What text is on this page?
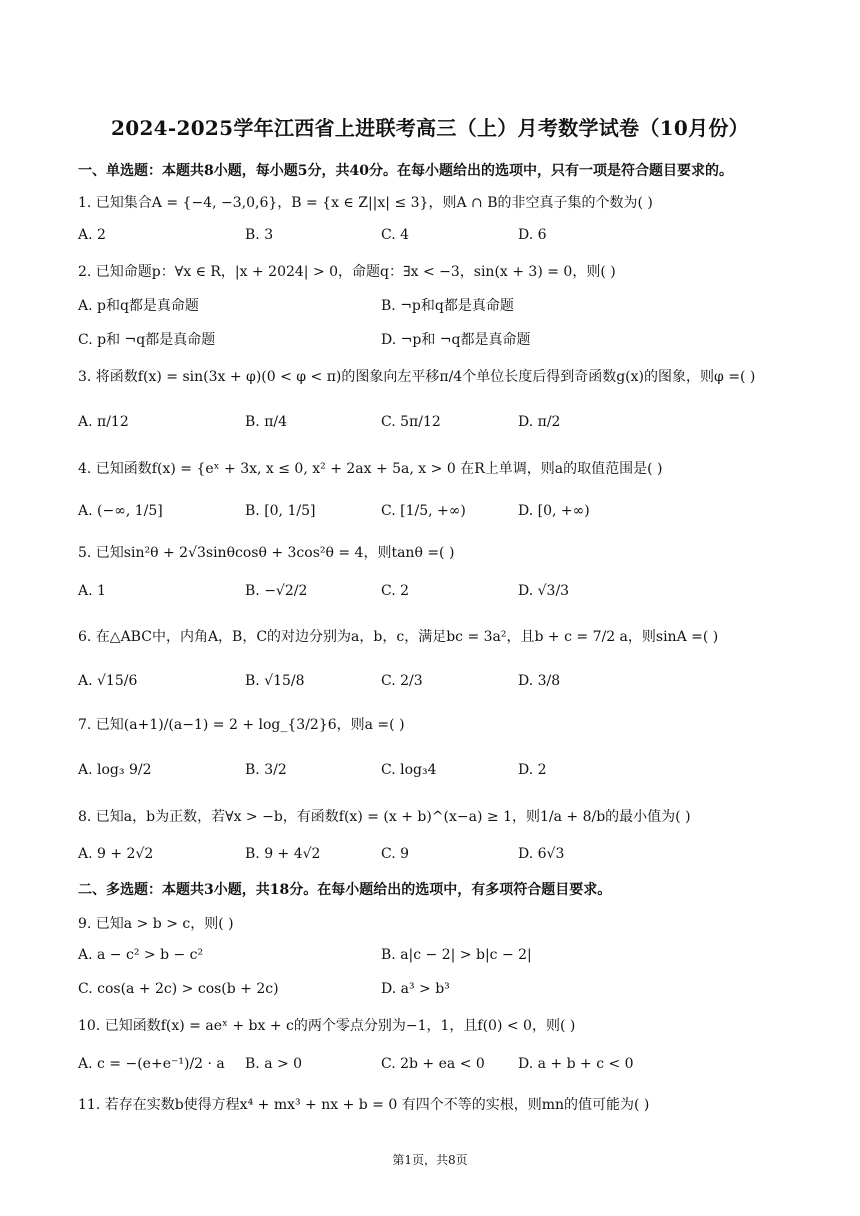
2024-2025学年江西省上进联考高三（上）月考数学试卷（10月份）
一、单选题：本题共8小题，每小题5分，共40分。在每小题给出的选项中，只有一项是符合题目要求的。
1. 已知集合A = {−4, −3,0,6}，B = {x ∈ Z||x| ≤ 3}，则A ∩ B的非空真子集的个数为( )
A. 2	B. 3	C. 4	D. 6
2. 已知命题p：∀x ∈ R，|x + 2024| > 0，命题q：∃x < −3，sin(x + 3) = 0，则( )
A. p和q都是真命题	B. ¬p和q都是真命题
C. p和 ¬q都是真命题	D. ¬p和 ¬q都是真命题
3. 将函数f(x) = sin(3x + φ)(0 < φ < π)的图象向左平移π/4个单位长度后得到奇函数g(x)的图象，则φ =( )
A. π/12	B. π/4	C. 5π/12	D. π/2
4. 已知函数f(x) = {eˣ + 3x, x ≤ 0, x² + 2ax + 5a, x > 0 在R上单调，则a的取值范围是( )
A. (−∞, 1/5]	B. [0, 1/5]	C. [1/5, +∞)	D. [0, +∞)
5. 已知sin²θ + 2√3sinθcosθ + 3cos²θ = 4，则tanθ =( )
A. 1	B. −√2/2	C. 2	D. √3/3
6. 在△ABC中，内角A，B，C的对边分别为a，b，c，满足bc = 3a²，且b + c = 7/2 a，则sinA =( )
A. √15/6	B. √15/8	C. 2/3	D. 3/8
7. 已知(a+1)/(a−1) = 2 + log_{3/2}6，则a =( )
A. log₃ 9/2	B. 3/2	C. log₃4	D. 2
8. 已知a，b为正数，若∀x > −b，有函数f(x) = (x + b)^(x−a) ≥ 1，则1/a + 8/b的最小值为( )
A. 9 + 2√2	B. 9 + 4√2	C. 9	D. 6√3
二、多选题：本题共3小题，共18分。在每小题给出的选项中，有多项符合题目要求。
9. 已知a > b > c，则( )
A. a − c² > b − c²	B. a|c − 2| > b|c − 2|
C. cos(a + 2c) > cos(b + 2c)	D. a³ > b³
10. 已知函数f(x) = aeˣ + bx + c的两个零点分别为−1，1，且f(0) < 0，则( )
A. c = −(e+e⁻¹)/2 · a B. a > 0	C. 2b + ea < 0 D. a + b + c < 0
11. 若存在实数b使得方程x⁴ + mx³ + nx + b = 0 有四个不等的实根，则mn的值可能为( )
第1页，共8页
